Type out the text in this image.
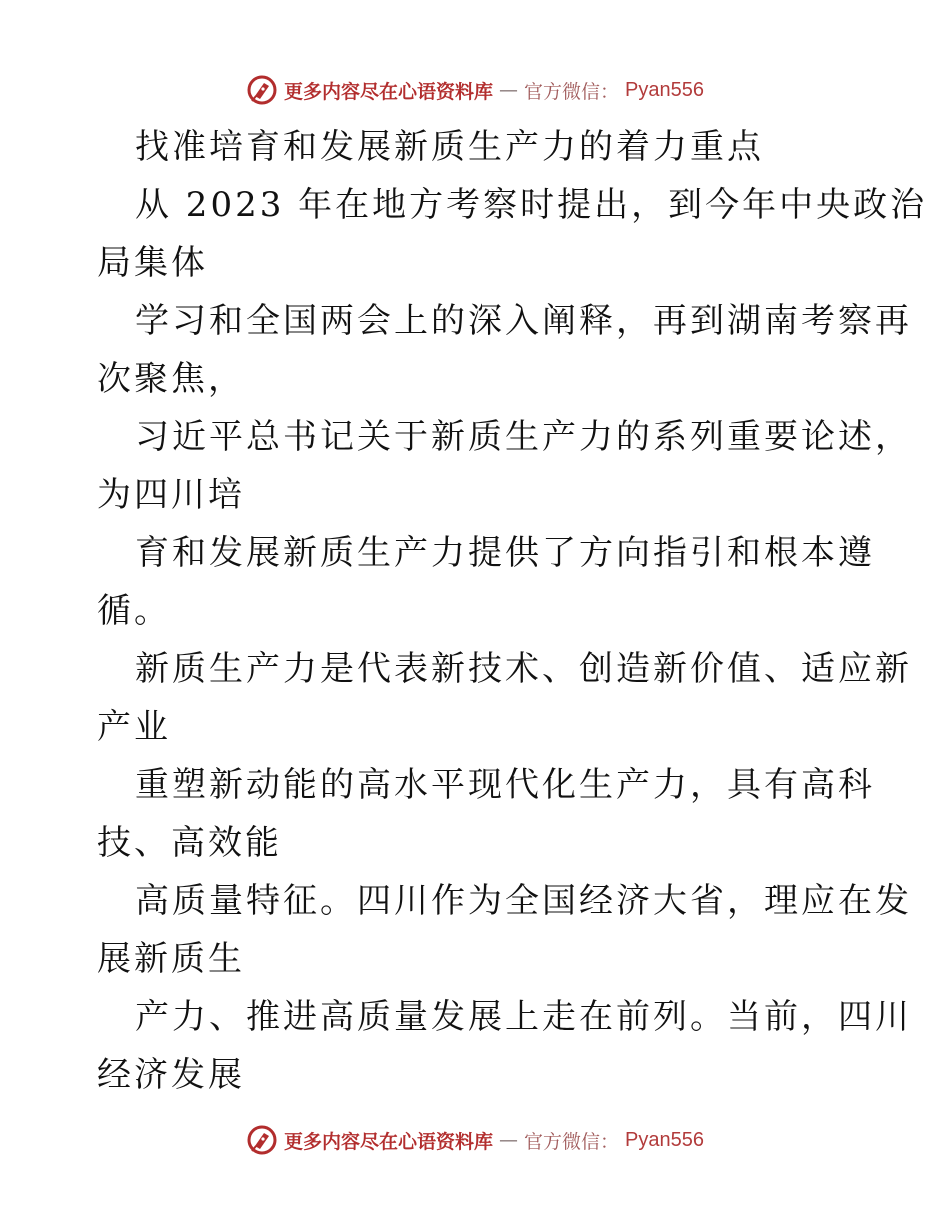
更多内容尽在心语资料库 — 官方微信： Pyan556
找准培育和发展新质生产力的着力重点
从 2023 年在地方考察时提出，到今年中央政治
局集体
学习和全国两会上的深入阐释，再到湖南考察再
次聚焦，
习近平总书记关于新质生产力的系列重要论述，
为四川培
育和发展新质生产力提供了方向指引和根本遵
循。
新质生产力是代表新技术、创造新价值、适应新
产业
重塑新动能的高水平现代化生产力，具有高科
技、高效能
高质量特征。四川作为全国经济大省，理应在发
展新质生
产力、推进高质量发展上走在前列。当前，四川
经济发展
更多内容尽在心语资料库 — 官方微信： Pyan556
